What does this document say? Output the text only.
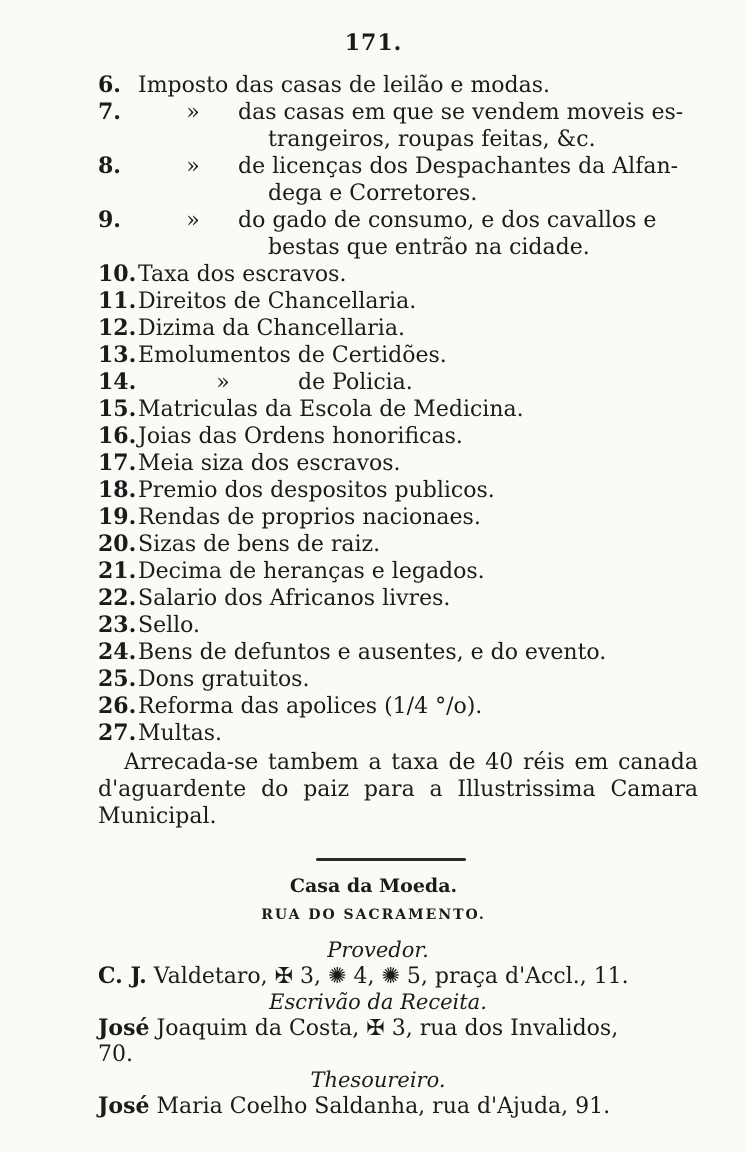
171.
6. Imposto das casas de leilão e modas.
7.	»	das casas em que se vendem moveis es-
trangeiros, roupas feitas, &c.
8.	»	de licenças dos Despachantes da Alfan-
dega e Corretores.
9.	»	do gado de consumo, e dos cavallos e
bestas que entrão na cidade.
10. Taxa dos escravos.
11. Direitos de Chancellaria.
12. Dizima da Chancellaria.
13. Emolumentos de Certidões.
14.	»	de Policia.
15. Matriculas da Escola de Medicina.
16. Joias das Ordens honorificas.
17. Meia siza dos escravos.
18. Premio dos despositos publicos.
19. Rendas de proprios nacionaes.
20. Sizas de bens de raiz.
21. Decima de heranças e legados.
22. Salario dos Africanos livres.
23. Sello.
24. Bens de defuntos e ausentes, e do evento.
25. Dons gratuitos.
26. Reforma das apolices (1/4 °/o).
27. Multas.
Arrecada-se tambem a taxa de 40 réis em canada d'aguardente do paiz para a Illustrissima Camara Municipal.
Casa da Moeda.
RUA DO SACRAMENTO.
Provedor.
C. J. Valdetaro, ✠ 3, ✺ 4, ✺ 5, praça d'Accl., 11.
Escrivão da Receita.
José Joaquim da Costa, ✠ 3, rua dos Invalidos, 70.
Thesoureiro.
José Maria Coelho Saldanha, rua d'Ajuda, 91.
